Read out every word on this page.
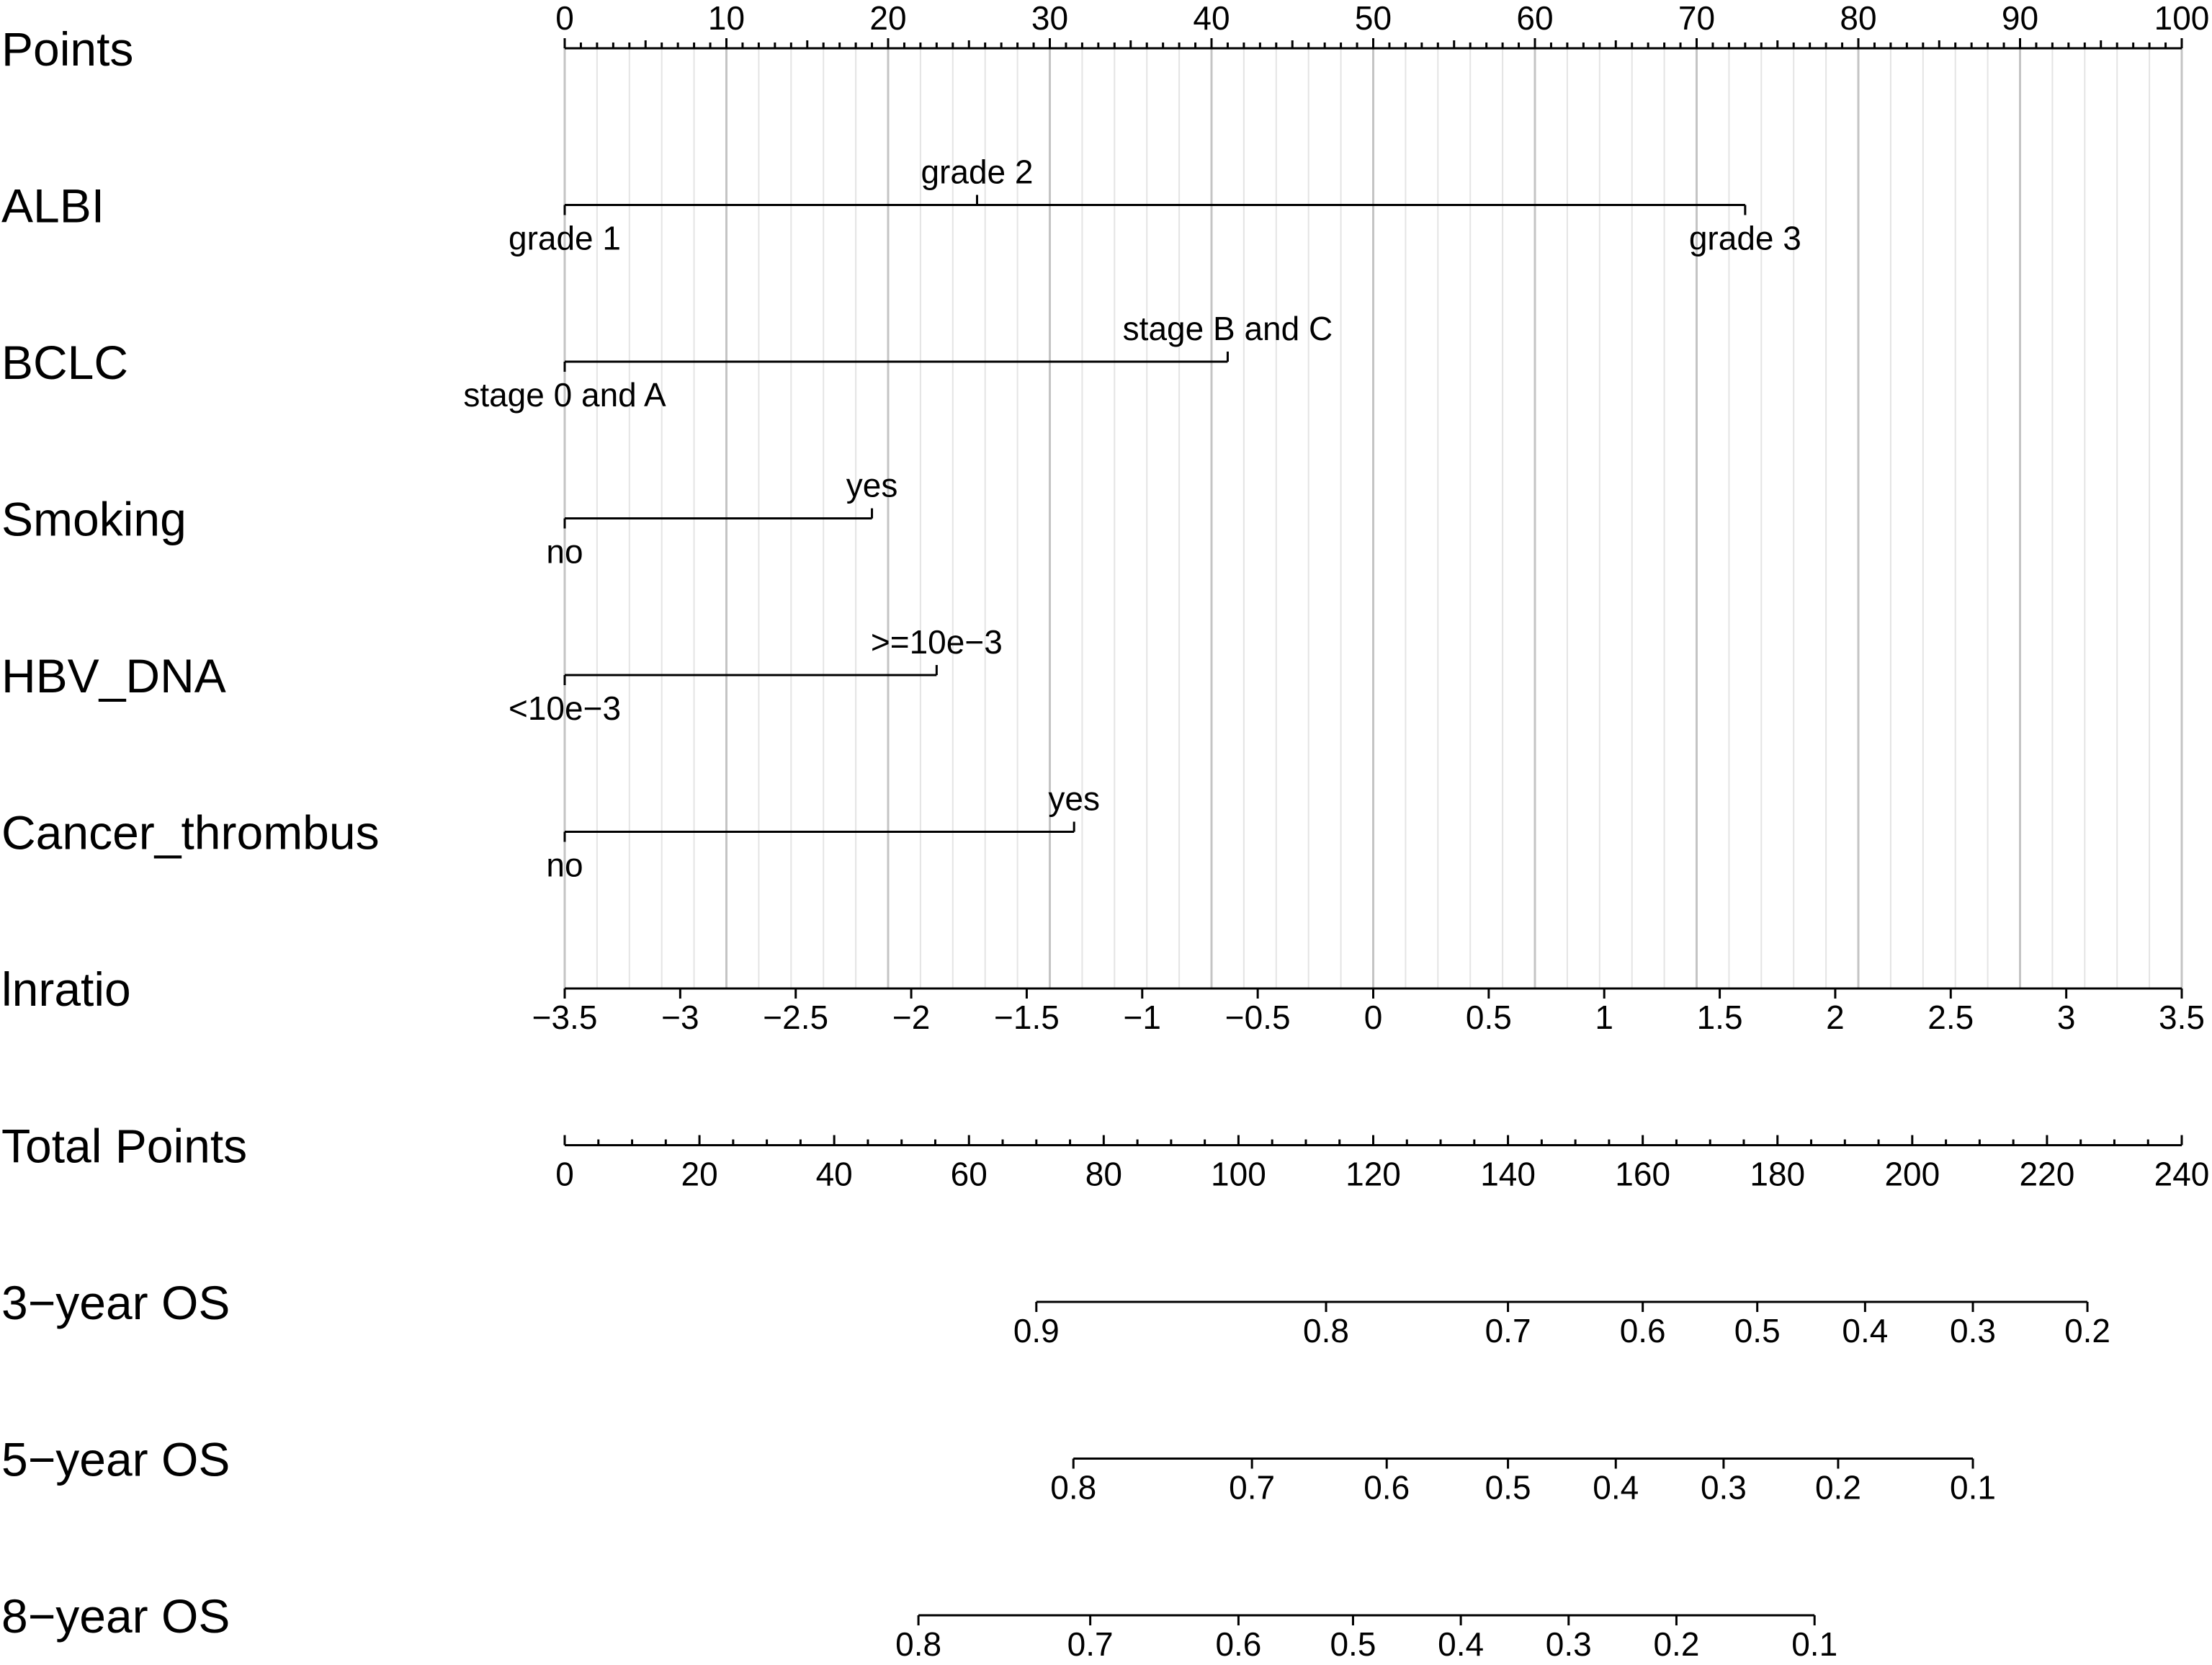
Points
0	10	20	30	40	50	60	70	80	90	100
ALBI
grade 1
grade 2
grade 3
BCLC
stage 0 and A
stage B and C
Smoking
no
yes
HBV_DNA
<10e−3
>=10e−3
Cancer_thrombus
no
yes
lnratio
−3.5 −3 −2.5 −2 −1.5 −1 −0.5 0	0.5	1	1.5	2	2.5	3	3.5
Total Points
0	20	40	60	80	100 120 140 160 180 200 220 240
3−year OS
0.9	0.8	0.7	0.6 0.5 0.4 0.3 0.2
5−year OS
0.8	0.7	0.6 0.5 0.4 0.3 0.2	0.1
8−year OS
0.8	0.7	0.6 0.5 0.4 0.3 0.2	0.1
